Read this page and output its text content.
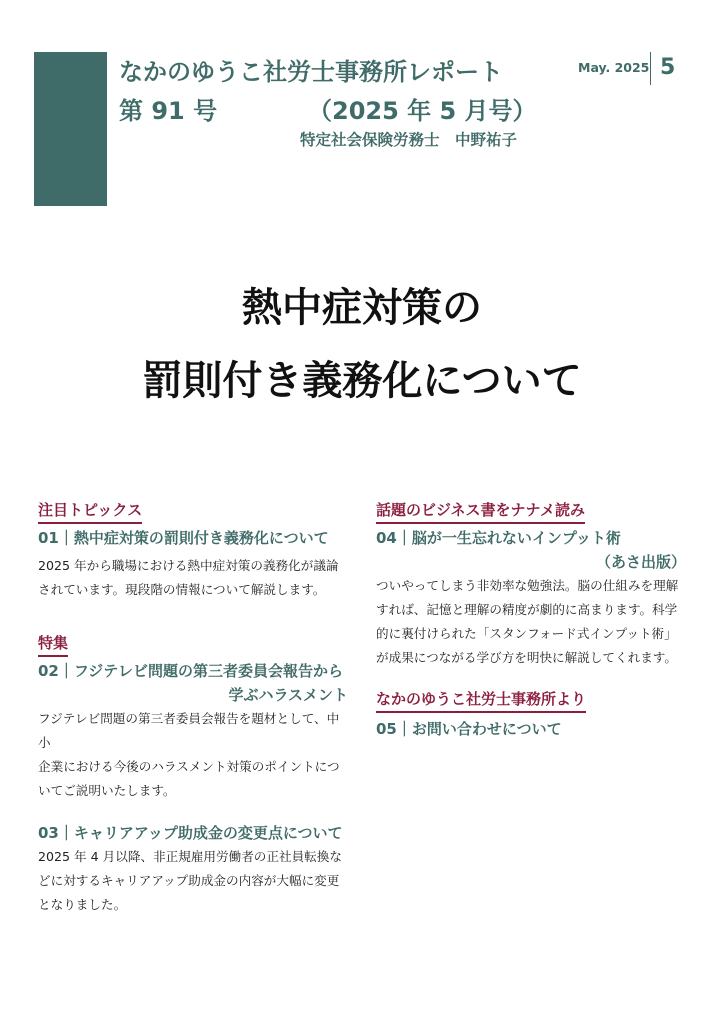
なかのゆうこ社労士事務所レポート
第 91 号	（2025 年 5 月号）
特定社会保険労務士　中野祐子
May. 2025 5
熱中症対策の
罰則付き義務化について
注目トピックス
01｜熱中症対策の罰則付き義務化について
2025 年から職場における熱中症対策の義務化が議論
されています。現段階の情報について解説します。
特集
02｜フジテレビ問題の第三者委員会報告から
学ぶハラスメント
フジテレビ問題の第三者委員会報告を題材として、中小
企業における今後のハラスメント対策のポイントにつ
いてご説明いたします。
03｜キャリアアップ助成金の変更点について
2025 年 4 月以降、非正規雇用労働者の正社員転換な
どに対するキャリアアップ助成金の内容が大幅に変更
となりました。
話題のビジネス書をナナメ読み
04｜脳が一生忘れないインプット術
（あさ出版）
ついやってしまう非効率な勉強法。脳の仕組みを理解
すれば、記憶と理解の精度が劇的に高まります。科学
的に裏付けられた「スタンフォード式インプット術」
が成果につながる学び方を明快に解説してくれます。
なかのゆうこ社労士事務所より
05｜お問い合わせについて
